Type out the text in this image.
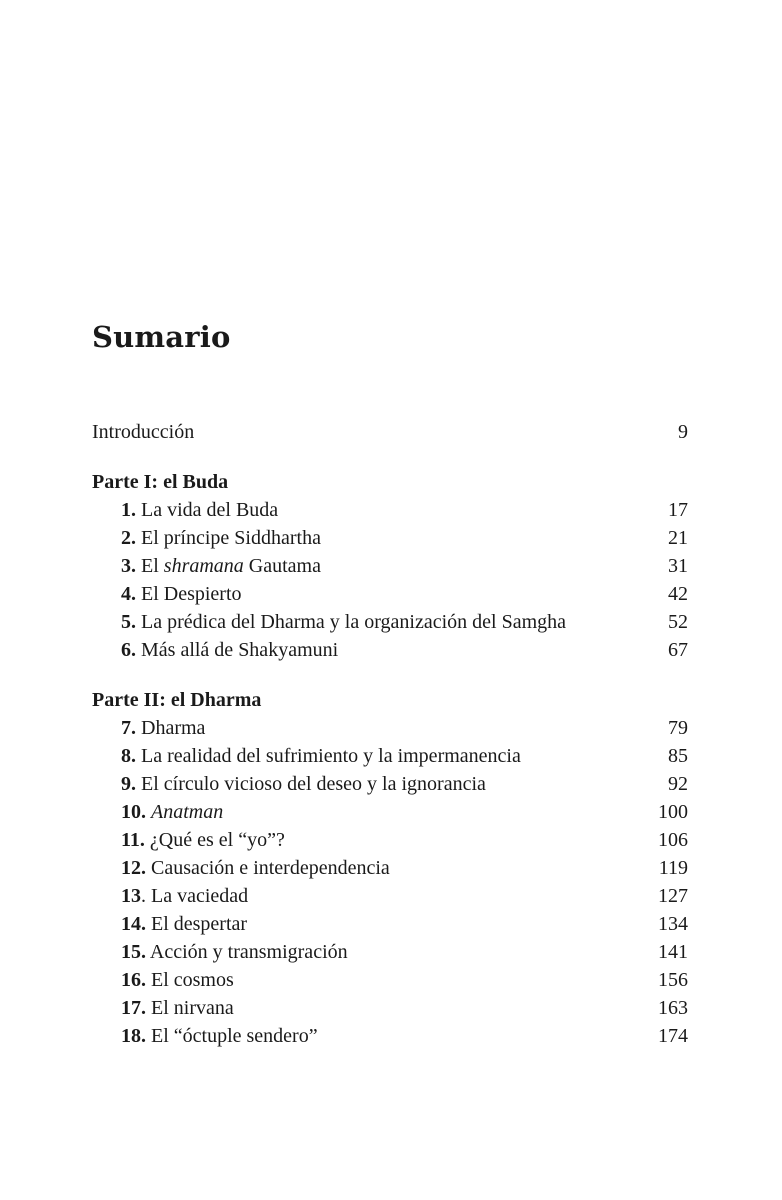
Sumario
Introducción	9
Parte I: el Buda
1. La vida del Buda	17
2. El príncipe Siddhartha	21
3. El shramana Gautama	31
4. El Despierto	42
5. La prédica del Dharma y la organización del Samgha	52
6. Más allá de Shakyamuni	67
Parte II: el Dharma
7. Dharma	79
8. La realidad del sufrimiento y la impermanencia	85
9. El círculo vicioso del deseo y la ignorancia	92
10. Anatman	100
11. ¿Qué es el “yo”?	106
12. Causación e interdependencia	119
13. La vaciedad	127
14. El despertar	134
15. Acción y transmigración	141
16. El cosmos	156
17. El nirvana	163
18. El “óctuple sendero”	174
